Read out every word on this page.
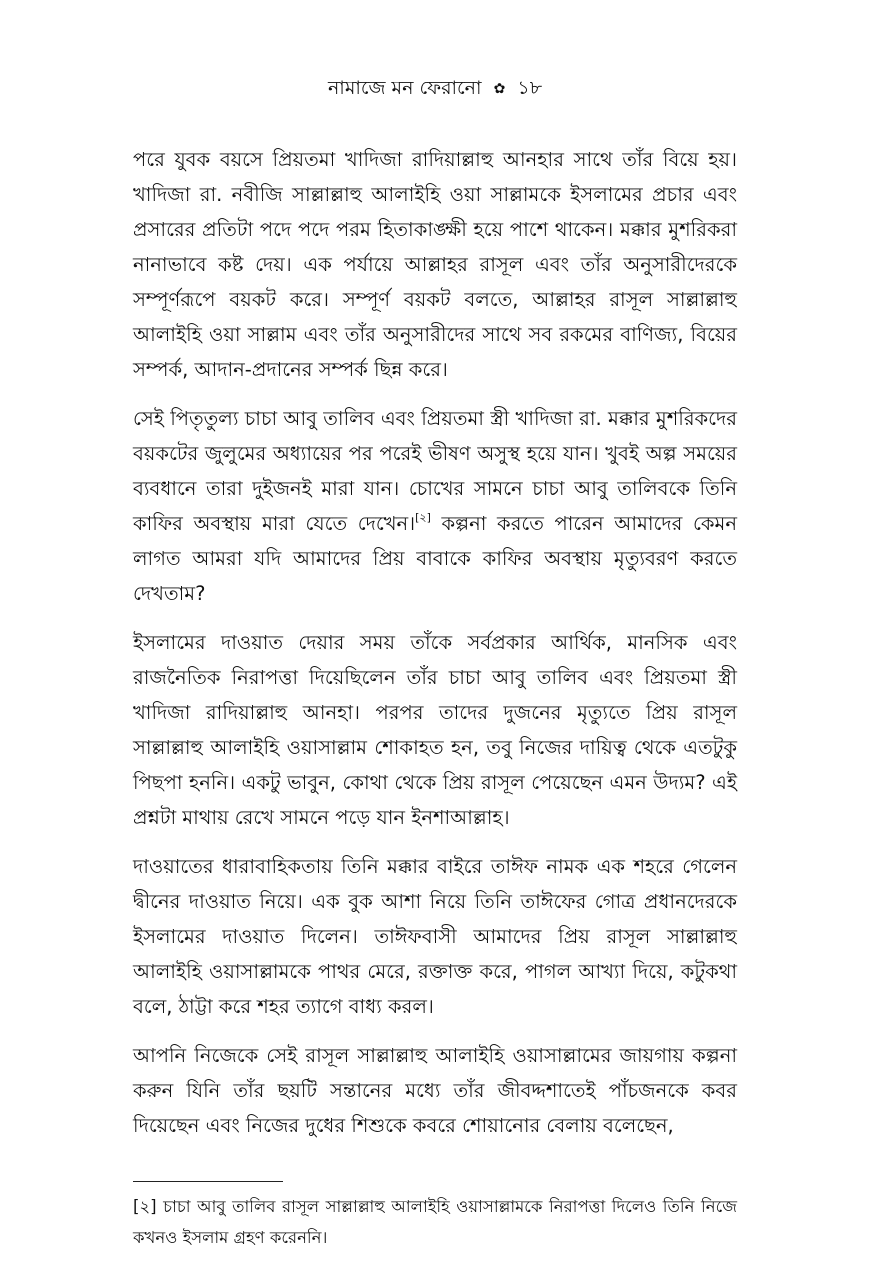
নামাজে মন ফেরানো ✿ ১৮

পরে যুবক বয়সে প্রিয়তমা খাদিজা রাদিয়াল্লাহু আনহার সাথে তাঁর বিয়ে হয়। খাদিজা রা. নবীজি সাল্লাল্লাহু আলাইহি ওয়া সাল্লামকে ইসলামের প্রচার এবং প্রসারের প্রতিটা পদে পদে পরম হিতাকাঙ্ক্ষী হয়ে পাশে থাকেন। মক্কার মুশরিকরা নানাভাবে কষ্ট দেয়। এক পর্যায়ে আল্লাহর রাসূল এবং তাঁর অনুসারীদেরকে সম্পূর্ণরূপে বয়কট করে। সম্পূর্ণ বয়কট বলতে, আল্লাহর রাসূল সাল্লাল্লাহু আলাইহি ওয়া সাল্লাম এবং তাঁর অনুসারীদের সাথে সব রকমের বাণিজ্য, বিয়ের সম্পর্ক, আদান-প্রদানের সম্পর্ক ছিন্ন করে।

সেই পিতৃতুল্য চাচা আবু তালিব এবং প্রিয়তমা স্ত্রী খাদিজা রা. মক্কার মুশরিকদের বয়কটের জুলুমের অধ্যায়ের পর পরেই ভীষণ অসুস্থ হয়ে যান। খুবই অল্প সময়ের ব্যবধানে তারা দুইজনই মারা যান। চোখের সামনে চাচা আবু তালিবকে তিনি কাফির অবস্থায় মারা যেতে দেখেন।[২] কল্পনা করতে পারেন আমাদের কেমন লাগত আমরা যদি আমাদের প্রিয় বাবাকে কাফির অবস্থায় মৃত্যুবরণ করতে দেখতাম?

ইসলামের দাওয়াত দেয়ার সময় তাঁকে সর্বপ্রকার আর্থিক, মানসিক এবং রাজনৈতিক নিরাপত্তা দিয়েছিলেন তাঁর চাচা আবু তালিব এবং প্রিয়তমা স্ত্রী খাদিজা রাদিয়াল্লাহু আনহা। পরপর তাদের দুজনের মৃত্যুতে প্রিয় রাসূল সাল্লাল্লাহু আলাইহি ওয়াসাল্লাম শোকাহত হন, তবু নিজের দায়িত্ব থেকে এতটুকু পিছপা হননি। একটু ভাবুন, কোথা থেকে প্রিয় রাসূল পেয়েছেন এমন উদ্যম? এই প্রশ্নটা মাথায় রেখে সামনে পড়ে যান ইনশাআল্লাহ।

দাওয়াতের ধারাবাহিকতায় তিনি মক্কার বাইরে তাঈফ নামক এক শহরে গেলেন দ্বীনের দাওয়াত নিয়ে। এক বুক আশা নিয়ে তিনি তাঈফের গোত্র প্রধানদেরকে ইসলামের দাওয়াত দিলেন। তাঈফবাসী আমাদের প্রিয় রাসূল সাল্লাল্লাহু আলাইহি ওয়াসাল্লামকে পাথর মেরে, রক্তাক্ত করে, পাগল আখ্যা দিয়ে, কটুকথা বলে, ঠাট্টা করে শহর ত্যাগে বাধ্য করল।

আপনি নিজেকে সেই রাসূল সাল্লাল্লাহু আলাইহি ওয়াসাল্লামের জায়গায় কল্পনা করুন যিনি তাঁর ছয়টি সন্তানের মধ্যে তাঁর জীবদ্দশাতেই পাঁচজনকে কবর দিয়েছেন এবং নিজের দুধের শিশুকে কবরে শোয়ানোর বেলায় বলেছেন,

[২] চাচা আবু তালিব রাসূল সাল্লাল্লাহু আলাইহি ওয়াসাল্লামকে নিরাপত্তা দিলেও তিনি নিজে কখনও ইসলাম গ্রহণ করেননি।
